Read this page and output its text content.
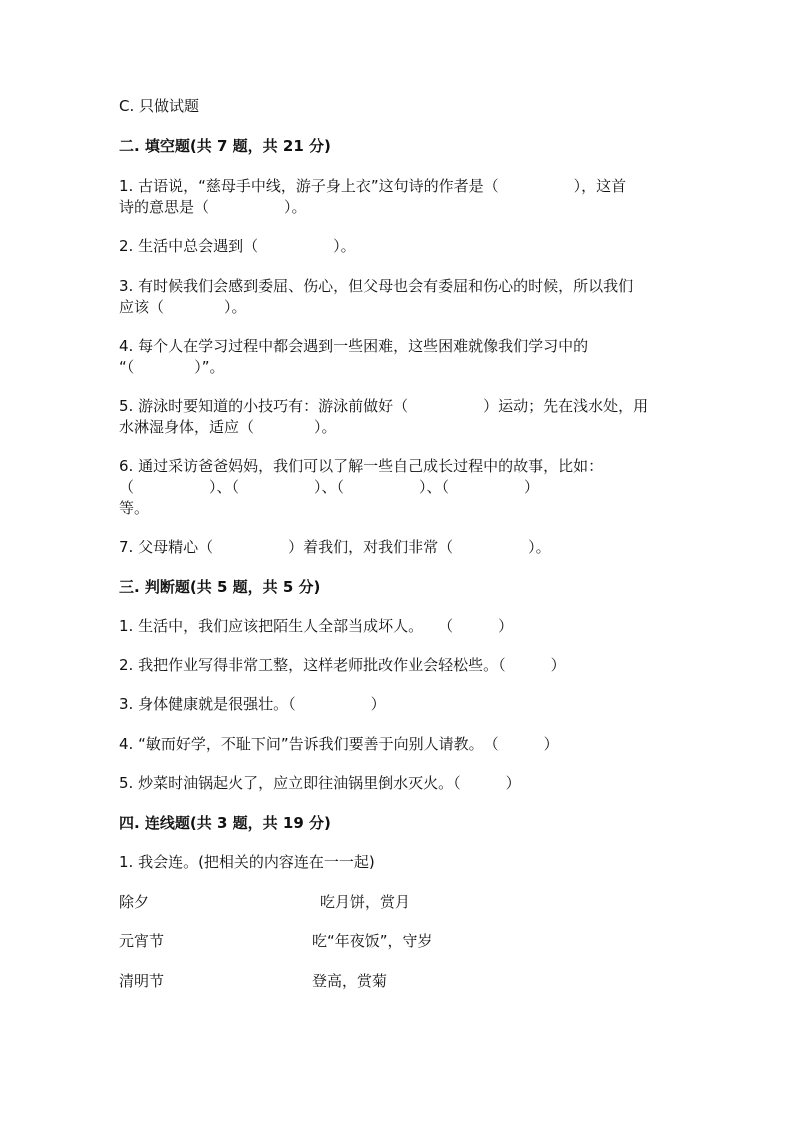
C. 只做试题

二. 填空题(共 7 题，共 21 分)

1. 古语说，“慈母手中线，游子身上衣”这句诗的作者是（　　　　　），这首

诗的意思是（　　　　　）。

2. 生活中总会遇到（　　　　　）。

3. 有时候我们会感到委屈、伤心，但父母也会有委屈和伤心的时候，所以我们

应该（　　　　）。

4. 每个人在学习过程中都会遇到一些困难，这些困难就像我们学习中的

“（　　　　）”。

5. 游泳时要知道的小技巧有：游泳前做好（　　　　　）运动；先在浅水处，用

水淋湿身体，适应（　　　　）。

6. 通过采访爸爸妈妈，我们可以了解一些自己成长过程中的故事，比如：

（　　　　　）、（　　　　　）、（　　　　　）、（　　　　　）

等。

7. 父母精心（　　　　　）着我们，对我们非常（　　　　　）。

三. 判断题(共 5 题，共 5 分)

1. 生活中，我们应该把陌生人全部当成坏人。　　（　　　）

2. 我把作业写得非常工整，这样老师批改作业会轻松些。（　　　）

3. 身体健康就是很强壮。（　　　　　）

4. “敏而好学，不耻下问”告诉我们要善于向别人请教。　（　　　）

5. 炒菜时油锅起火了，应立即往油锅里倒水灭火。（　　　）

四. 连线题(共 3 题，共 19 分)

1. 我会连。(把相关的内容连在一一起)

除夕	吃月饼，赏月
元宵节	吃“年夜饭”，守岁
清明节	登高，赏菊
